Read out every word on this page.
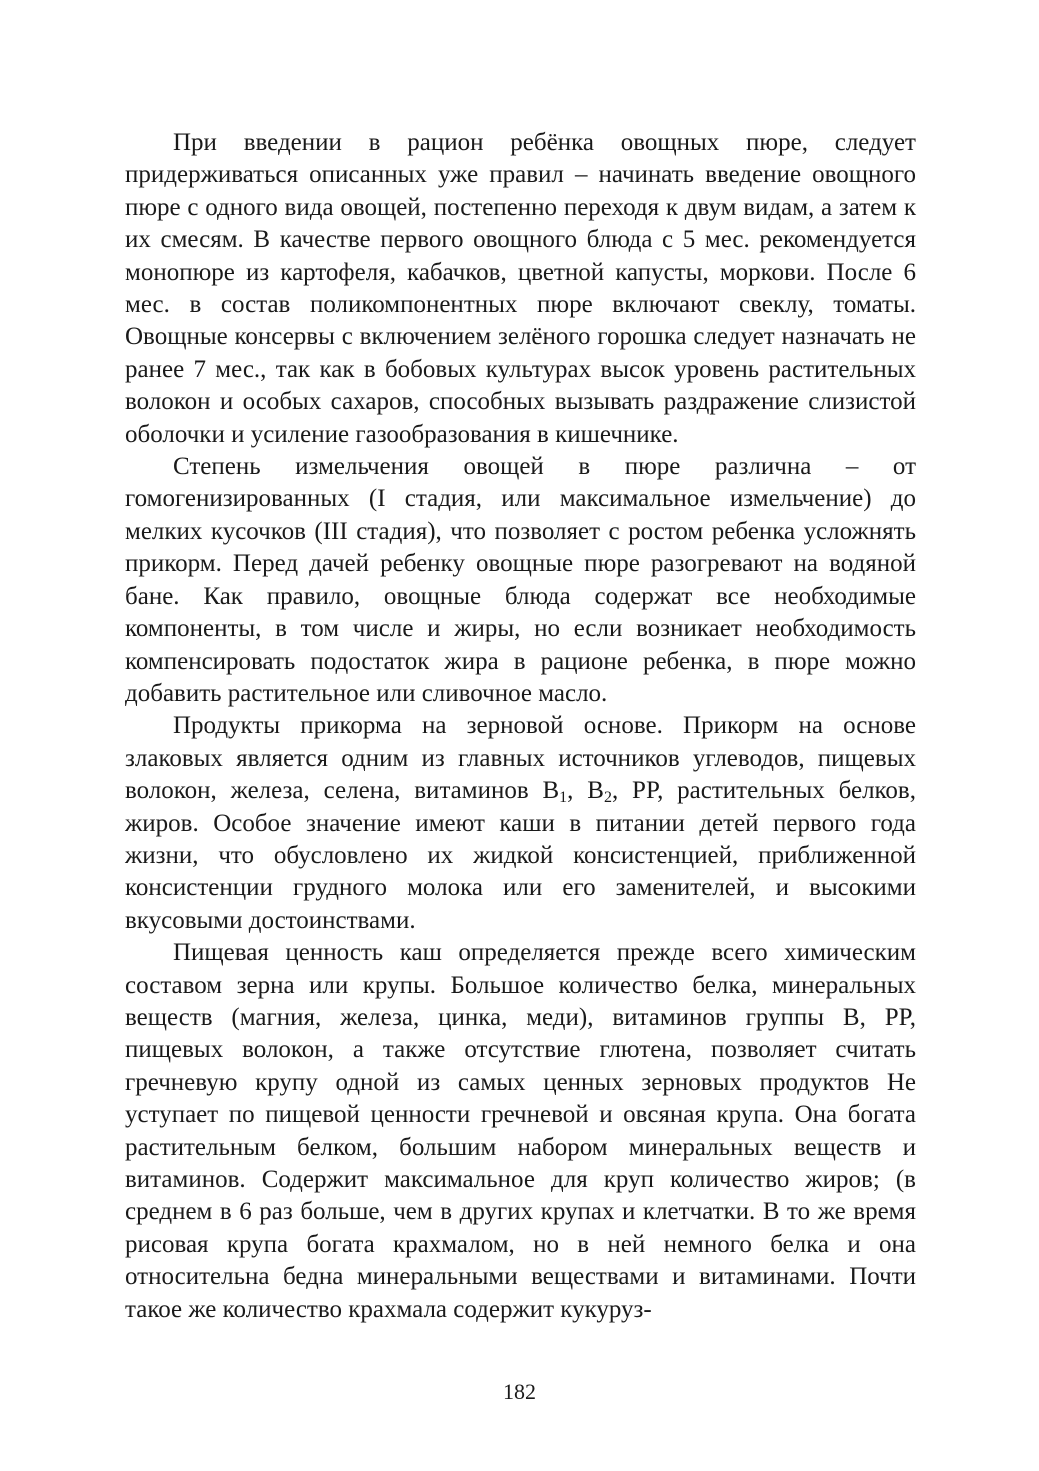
При введении в рацион ребёнка овощных пюре, следует придерживаться описанных уже правил – начинать введение овощного пюре с одного вида овощей, постепенно переходя к двум видам, а затем к их смесям. В качестве первого овощного блюда с 5 мес. рекомендуется монопюре из картофеля, кабачков, цветной капусты, моркови. После 6 мес. в состав поликомпонентных пюре включают свеклу, томаты. Овощные консервы с включением зелёного горошка следует назначать не ранее 7 мес., так как в бобовых культурах высок уровень растительных волокон и особых сахаров, способных вызывать раздражение слизистой оболочки и усиление газообразования в кишечнике.

Степень измельчения овощей в пюре различна – от гомогенизированных (I стадия, или максимальное измельчение) до мелких кусочков (III стадия), что позволяет с ростом ребенка усложнять прикорм. Перед дачей ребенку овощные пюре разогревают на водяной бане. Как правило, овощные блюда содержат все необходимые компоненты, в том числе и жиры, но если возникает необходимость компенсировать подостаток жира в рационе ребенка, в пюре можно добавить растительное или сливочное масло.

Продукты прикорма на зерновой основе. Прикорм на основе злаковых является одним из главных источников углеводов, пищевых волокон, железа, селена, витаминов $B_1$, $B_2$, PP, растительных белков, жиров. Особое значение имеют каши в питании детей первого года жизни, что обусловлено их жидкой консистенцией, приближенной консистенции грудного молока или его заменителей, и высокими вкусовыми достоинствами.

Пищевая ценность каш определяется прежде всего химическим составом зерна или крупы. Большое количество белка, минеральных веществ (магния, железа, цинка, меди), витаминов группы В, PP, пищевых волокон, а также отсутствие глютена, позволяет считать гречневую крупу одной из самых ценных зерновых продуктов Не уступает по пищевой ценности гречневой и овсяная крупа. Она богата растительным белком, большим набором минеральных веществ и витаминов. Содержит максимальное для круп количество жиров; (в среднем в 6 раз больше, чем в других крупах и клетчатки. В то же время рисовая крупа богата крахмалом, но в ней немного белка и она относительна бедна минеральными веществами и витаминами. Почти такое же количество крахмала содержит кукуруз-

182
